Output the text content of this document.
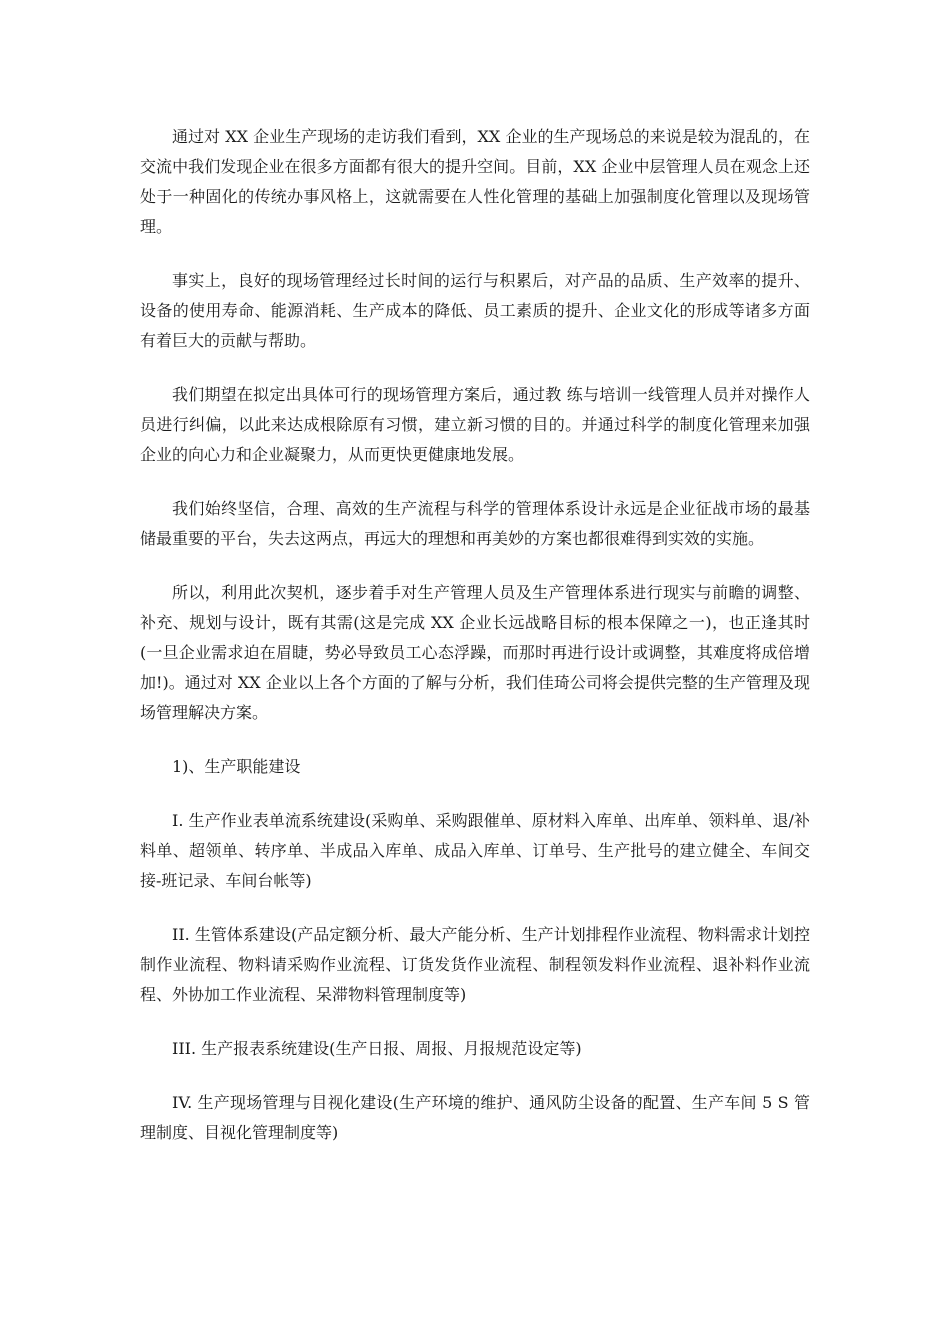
通过对 XX 企业生产现场的走访我们看到，XX 企业的生产现场总的来说是较为混乱的，在交流中我们发现企业在很多方面都有很大的提升空间。目前，XX 企业中层管理人员在观念上还处于一种固化的传统办事风格上，这就需要在人性化管理的基础上加强制度化管理以及现场管理。

事实上，良好的现场管理经过长时间的运行与积累后，对产品的品质、生产效率的提升、设备的使用寿命、能源消耗、生产成本的降低、员工素质的提升、企业文化的形成等诸多方面有着巨大的贡献与帮助。

我们期望在拟定出具体可行的现场管理方案后，通过教 练与培训一线管理人员并对操作人员进行纠偏，以此来达成根除原有习惯，建立新习惯的目的。并通过科学的制度化管理来加强企业的向心力和企业凝聚力，从而更快更健康地发展。

我们始终坚信，合理、高效的生产流程与科学的管理体系设计永远是企业征战市场的最基储最重要的平台，失去这两点，再远大的理想和再美妙的方案也都很难得到实效的实施。

所以，利用此次契机，逐步着手对生产管理人员及生产管理体系进行现实与前瞻的调整、补充、规划与设计，既有其需(这是完成 XX 企业长远战略目标的根本保障之一)，也正逢其时(一旦企业需求迫在眉睫，势必导致员工心态浮躁，而那时再进行设计或调整，其难度将成倍增加!)。通过对 XX 企业以上各个方面的了解与分析，我们佳琦公司将会提供完整的生产管理及现场管理解决方案。

1)、生产职能建设

I. 生产作业表单流系统建设(采购单、采购跟催单、原材料入库单、出库单、领料单、退/补料单、超领单、转序单、半成品入库单、成品入库单、订单号、生产批号的建立健全、车间交接-班记录、车间台帐等)

II. 生管体系建设(产品定额分析、最大产能分析、生产计划排程作业流程、物料需求计划控制作业流程、物料请采购作业流程、订货发货作业流程、制程领发料作业流程、退补料作业流程、外协加工作业流程、呆滞物料管理制度等)

III. 生产报表系统建设(生产日报、周报、月报规范设定等)

IV. 生产现场管理与目视化建设(生产环境的维护、通风防尘设备的配置、生产车间 5 S 管理制度、目视化管理制度等)
